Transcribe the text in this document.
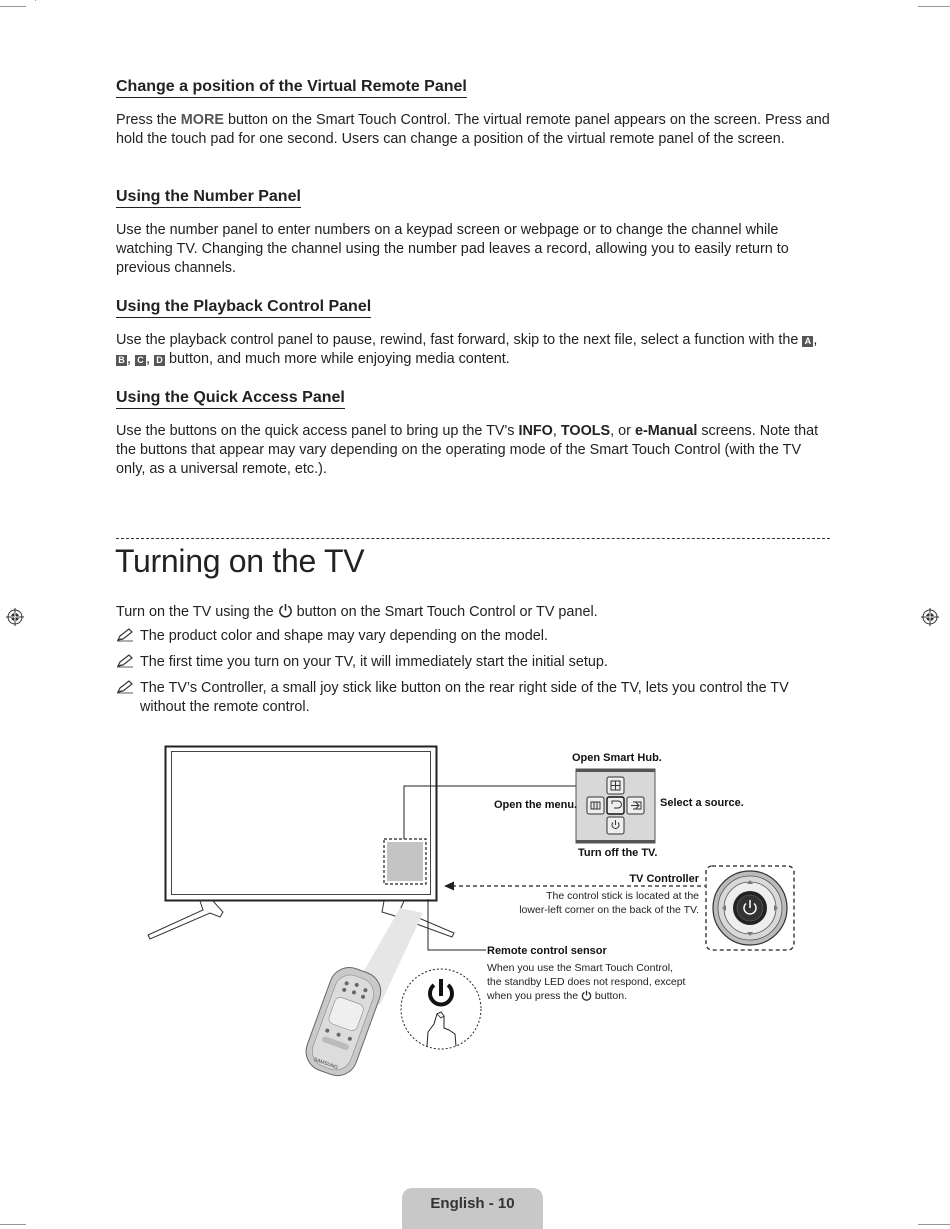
Change a position of the Virtual Remote Panel

Press the MORE button on the Smart Touch Control. The virtual remote panel appears on the screen. Press and hold the touch pad for one second. Users can change a position of the virtual remote panel of the screen.

Using the Number Panel

Use the number panel to enter numbers on a keypad screen or webpage or to change the channel while watching TV. Changing the channel using the number pad leaves a record, allowing you to easily return to previous channels.

Using the Playback Control Panel

Use the playback control panel to pause, rewind, fast forward, skip to the next file, select a function with the A , B , C , D button, and much more while enjoying media content.

Using the Quick Access Panel

Use the buttons on the quick access panel to bring up the TV's INFO, TOOLS, or e-Manual screens. Note that the buttons that appear may vary depending on the operating mode of the Smart Touch Control (with the TV only, as a universal remote, etc.).

Turning on the TV
Turn on the TV using the  button on the Smart Touch Control or TV panel.
The product color and shape may vary depending on the model.
The first time you turn on your TV, it will immediately start the initial setup.
The TV’s Controller, a small joy stick like button on the rear right side of the TV, lets you control the TV without the remote control.
SAMSUNG
Open Smart Hub.
Open the menu.	Select a source.
Turn off the TV.
TV Controller
The control stick is located at the
lower-left corner on the back of the TV.
Remote control sensor
When you use the Smart Touch Control,
the standby LED does not respond, except
when you press the  button.
English - 10
